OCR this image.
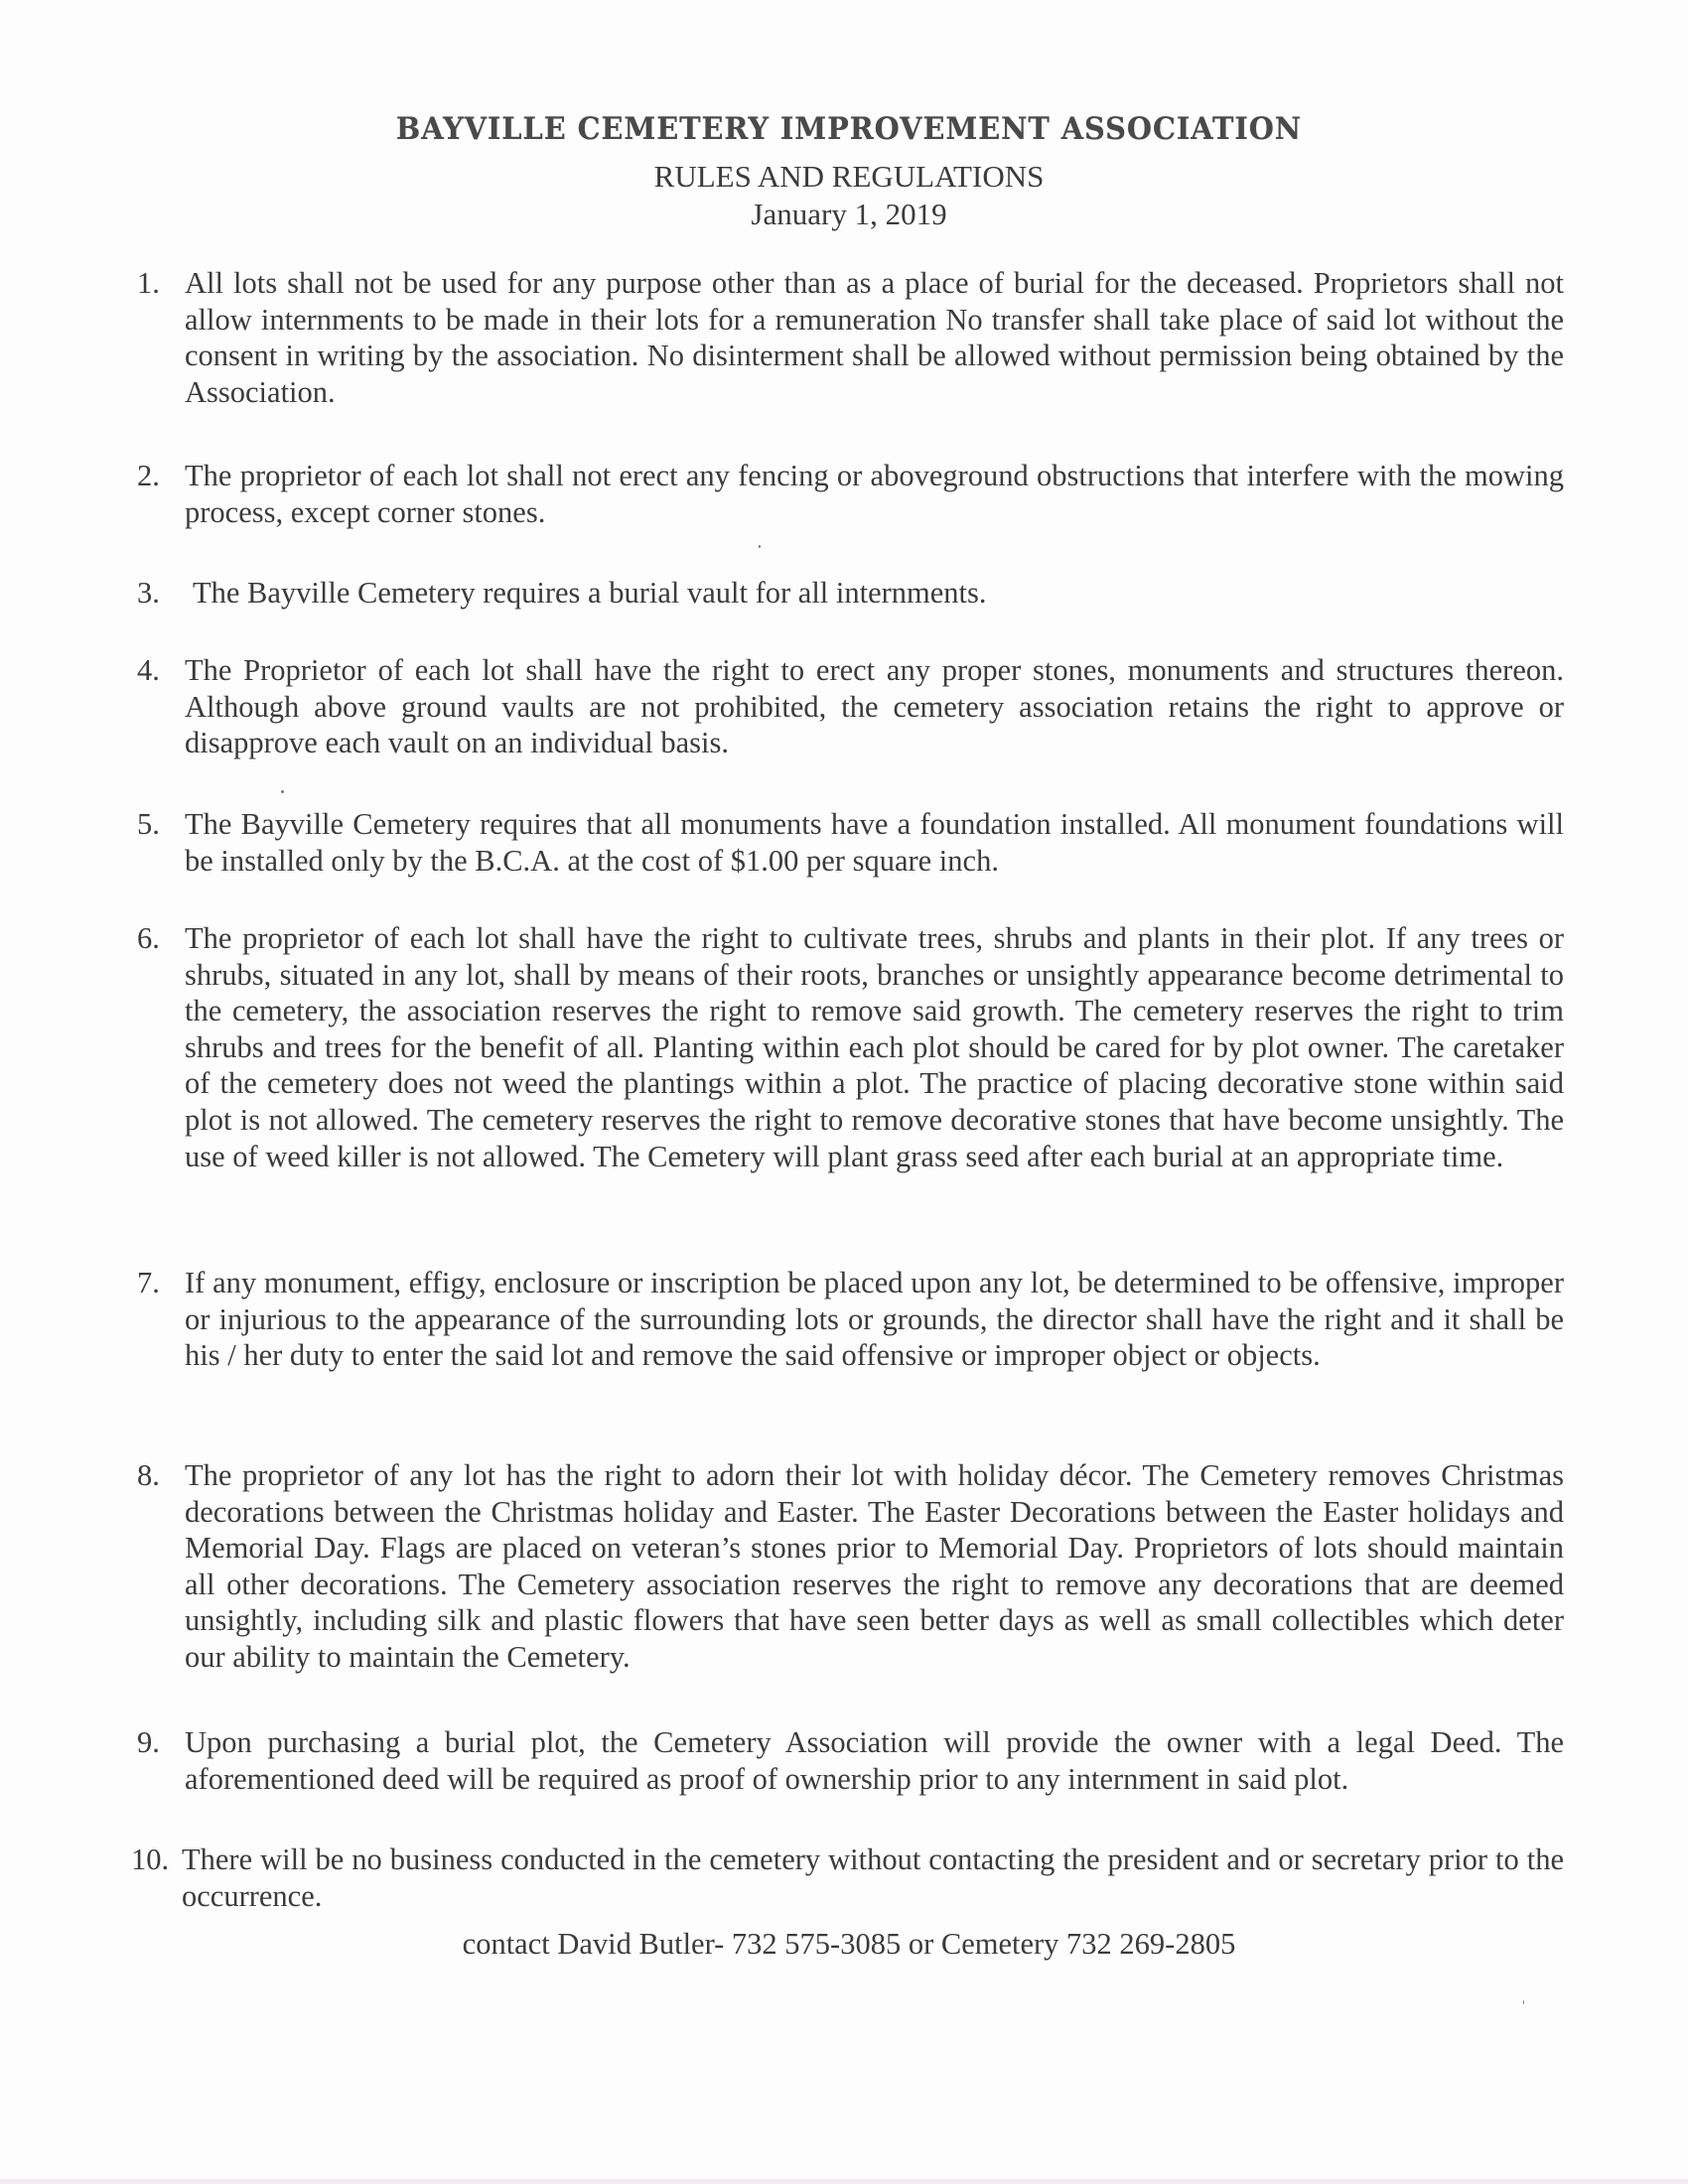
BAYVILLE CEMETERY IMPROVEMENT ASSOCIATION
RULES AND REGULATIONS
January 1, 2019
1. All lots shall not be used for any purpose other than as a place of burial for the deceased. Proprietors shall not allow internments to be made in their lots for a remuneration No transfer shall take place of said lot without the consent in writing by the association. No disinterment shall be allowed without permission being obtained by the Association.
2. The proprietor of each lot shall not erect any fencing or aboveground obstructions that interfere with the mowing process, except corner stones.
3.	The Bayville Cemetery requires a burial vault for all internments.
4. The Proprietor of each lot shall have the right to erect any proper stones, monuments and structures thereon. Although above ground vaults are not prohibited, the cemetery association retains the right to approve or disapprove each vault on an individual basis.
5. The Bayville Cemetery requires that all monuments have a foundation installed. All monument foundations will be installed only by the B.C.A. at the cost of $1.00 per square inch.
6. The proprietor of each lot shall have the right to cultivate trees, shrubs and plants in their plot. If any trees or shrubs, situated in any lot, shall by means of their roots, branches or unsightly appearance become detrimental to the cemetery, the association reserves the right to remove said growth. The cemetery reserves the right to trim shrubs and trees for the benefit of all. Planting within each plot should be cared for by plot owner. The caretaker of the cemetery does not weed the plantings within a plot. The practice of placing decorative stone within said plot is not allowed. The cemetery reserves the right to remove decorative stones that have become unsightly. The use of weed killer is not allowed. The Cemetery will plant grass seed after each burial at an appropriate time.
7. If any monument, effigy, enclosure or inscription be placed upon any lot, be determined to be offensive, improper or injurious to the appearance of the surrounding lots or grounds, the director shall have the right and it shall be his / her duty to enter the said lot and remove the said offensive or improper object or objects.
8. The proprietor of any lot has the right to adorn their lot with holiday décor. The Cemetery removes Christmas decorations between the Christmas holiday and Easter. The Easter Decorations between the Easter holidays and Memorial Day. Flags are placed on veteran’s stones prior to Memorial Day. Proprietors of lots should maintain all other decorations. The Cemetery association reserves the right to remove any decorations that are deemed unsightly, including silk and plastic flowers that have seen better days as well as small collectibles which deter our ability to maintain the Cemetery.
9. Upon purchasing a burial plot, the Cemetery Association will provide the owner with a legal Deed. The aforementioned deed will be required as proof of ownership prior to any internment in said plot.
10. There will be no business conducted in the cemetery without contacting the president and or secretary prior to the occurrence.
contact David Butler- 732 575-3085 or Cemetery 732 269-2805
